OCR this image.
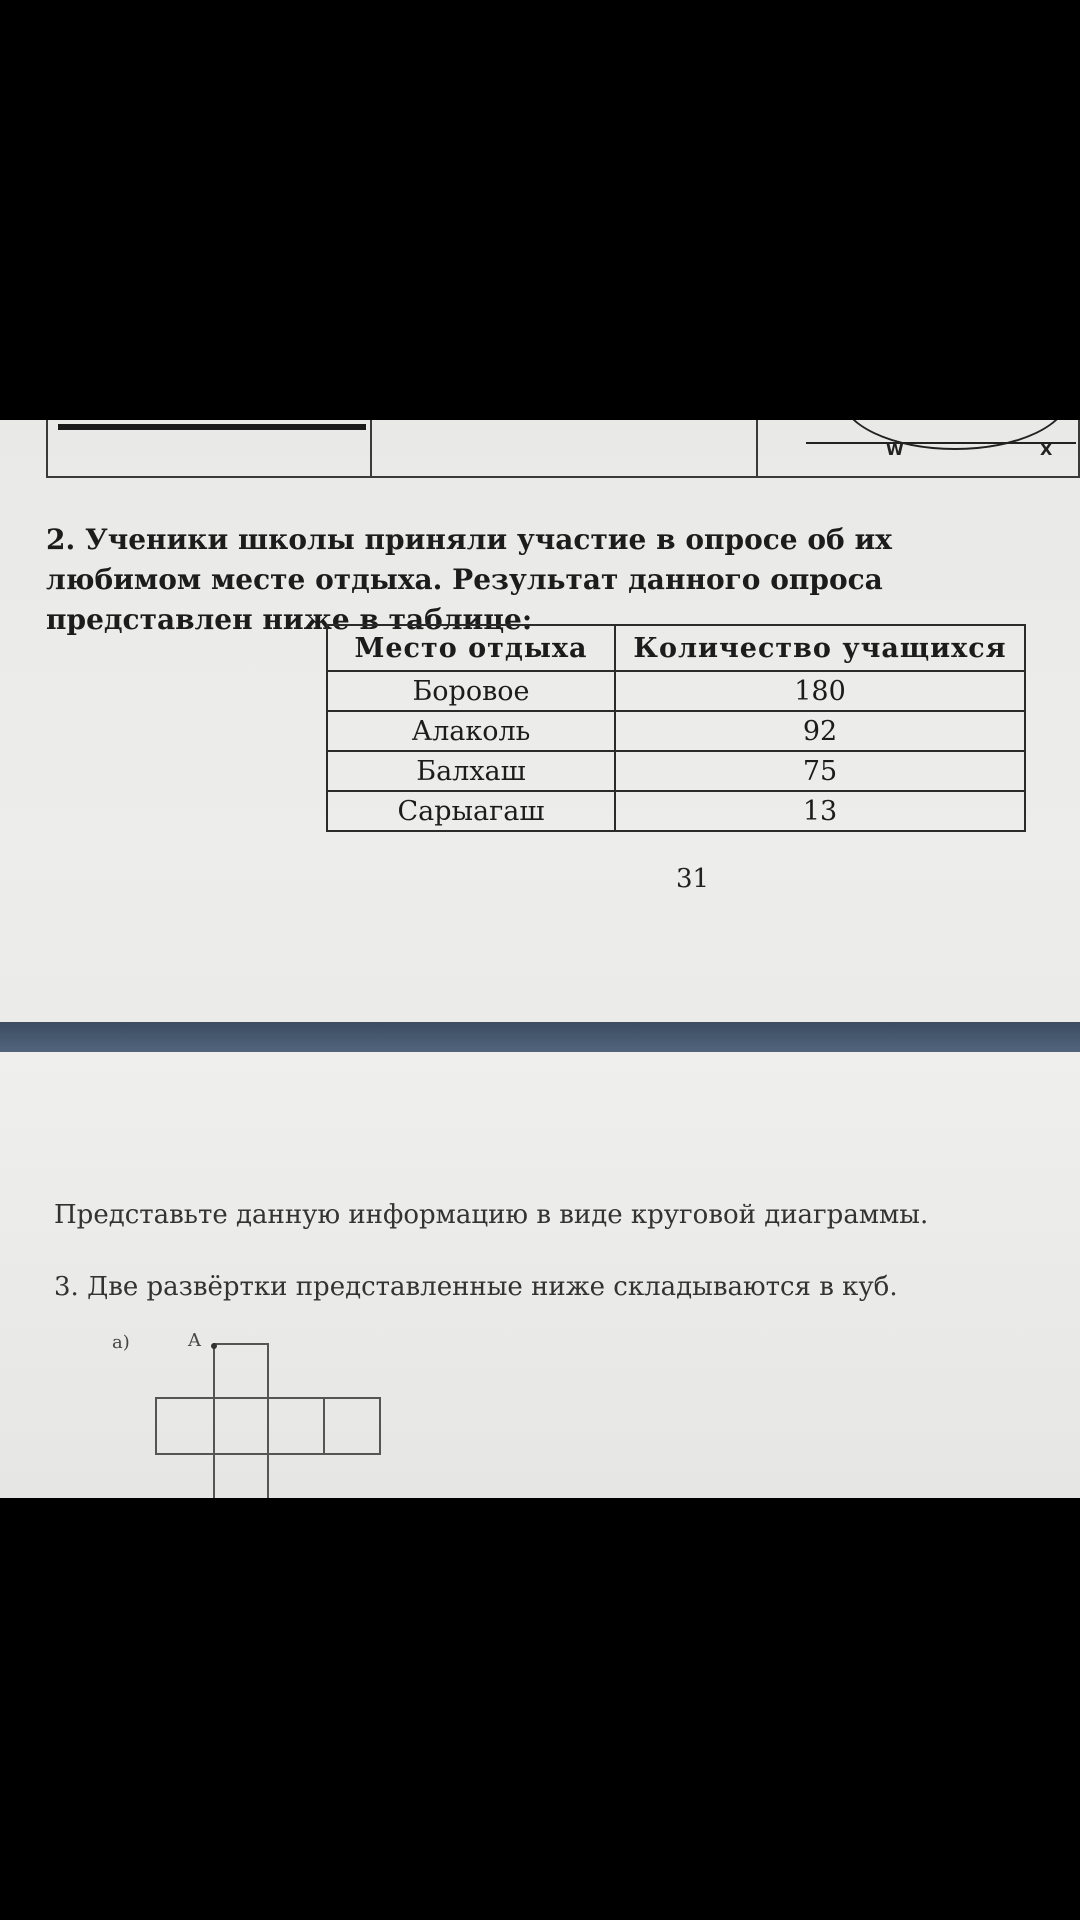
W	X
2. Ученики школы приняли участие в опросе об их любимом месте отдыха. Результат данного опроса представлен ниже в таблице:
Место отдыха	Количество учащихся
Боровое	180
Алаколь	92
Балхаш	75
Сарыагаш	13
31
Представьте данную информацию в виде круговой диаграммы.
3. Две развёртки представленные ниже складываются в куб.
а)	A
